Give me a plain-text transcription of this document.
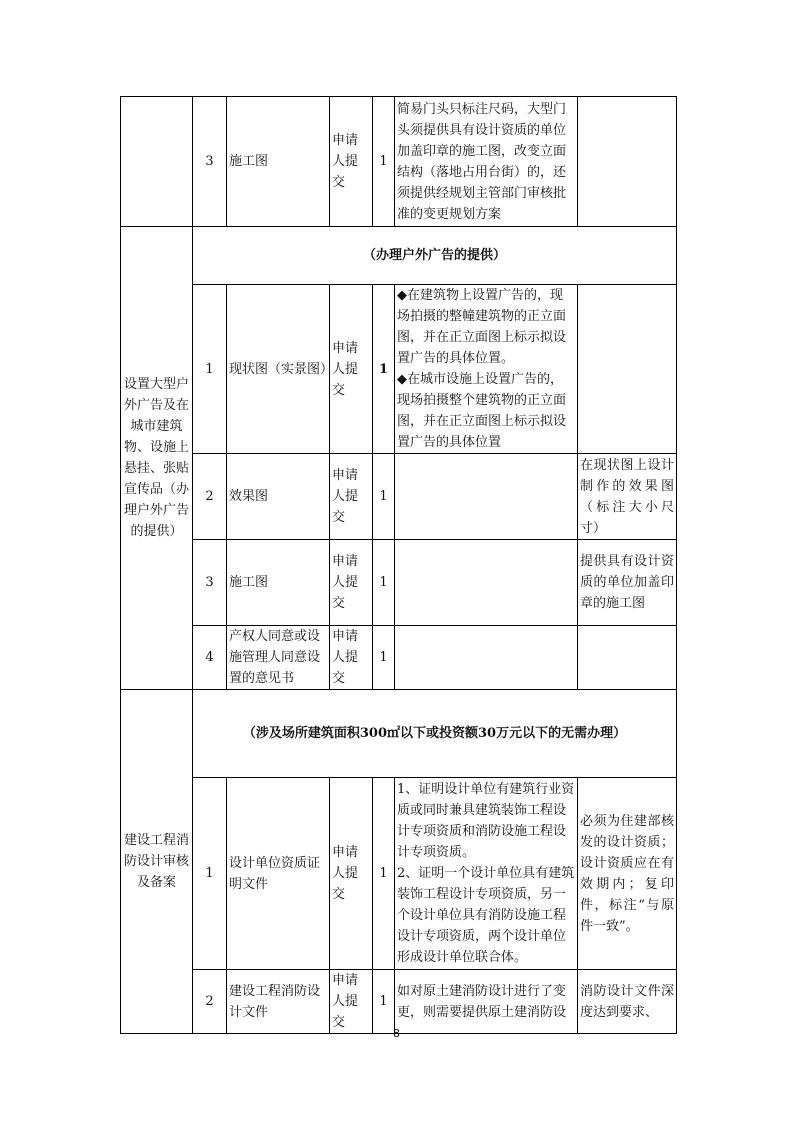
	3	施工图	申请人提交	1	简易门头只标注尺码，大型门头须提供具有设计资质的单位加盖印章的施工图，改变立面结构（落地占用台街）的，还须提供经规划主管部门审核批准的变更规划方案	
设置大型户外广告及在城市建筑物、设施上悬挂、张贴宣传品（办理户外广告的提供）	（办理户外广告的提供）					
	1	现状图（实景图）	申请人提交	1	◆在建筑物上设置广告的，现场拍摄的整幢建筑物的正立面图，并在正立面图上标示拟设置广告的具体位置。
◆在城市设施上设置广告的，现场拍摄整个建筑物的正立面图，并在正立面图上标示拟设置广告的具体位置	

	2	效果图	申请人提交	1		在现状图上设计制作的效果图（标注大小尺寸）
	3	施工图	申请人提交	1		提供具有设计资质的单位加盖印章的施工图
	4	产权人同意或设施管理人同意设置的意见书	申请人提交	1		
建设工程消防设计审核及备案	（涉及场所建筑面积300㎡以下或投资额30万元以下的无需办理）					
	1	设计单位资质证明文件	申请人提交	1	1、证明设计单位有建筑行业资质或同时兼具建筑装饰工程设计专项资质和消防设施工程设计专项资质。
2、证明一个设计单位具有建筑装饰工程设计专项资质，另一个设计单位具有消防设施工程设计专项资质，两个设计单位形成设计单位联合体。	必须为住建部核发的设计资质；设计资质应在有效期内；复印件，标注“与原件一致”。
	2	建设工程消防设计文件	申请人提交	1	如对原土建消防设计进行了变更，则需要提供原土建消防设	消防设计文件深度达到要求、
8
